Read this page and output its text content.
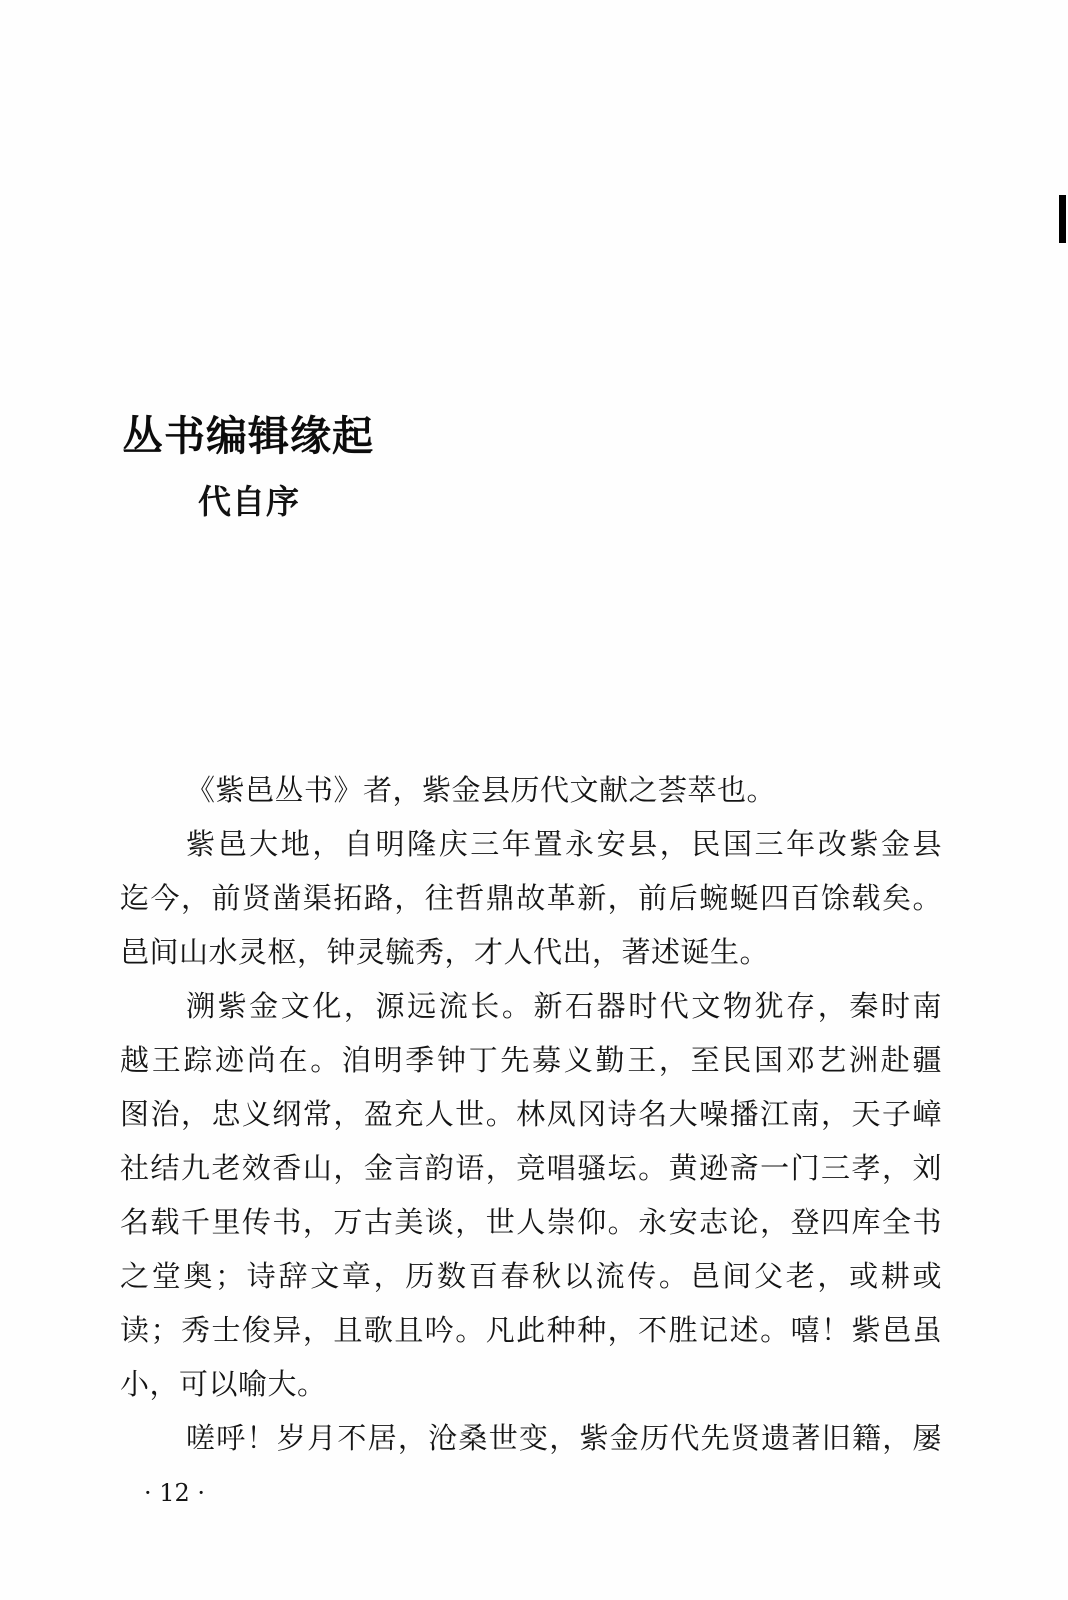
丛书编辑缘起
代自序
《紫邑丛书》者，紫金县历代文献之荟萃也。
紫邑大地，自明隆庆三年置永安县，民国三年改紫金县
迄今，前贤凿渠拓路，往哲鼎故革新，前后蜿蜒四百馀载矣。
邑间山水灵枢，钟灵毓秀，才人代出，著述诞生。
溯紫金文化，源远流长。新石器时代文物犹存，秦时南
越王踪迹尚在。洎明季钟丁先募义勤王，至民国邓艺洲赴疆
图治，忠义纲常，盈充人世。林凤冈诗名大噪播江南，天子嶂
社结九老效香山，金言韵语，竞唱骚坛。黄逊斋一门三孝，刘
名载千里传书，万古美谈，世人崇仰。永安志论，登四库全书
之堂奥；诗辞文章，历数百春秋以流传。邑间父老，或耕或
读；秀士俊异，且歌且吟。凡此种种，不胜记述。嘻！紫邑虽
小，可以喻大。
嗟呼！岁月不居，沧桑世变，紫金历代先贤遗著旧籍，屡
· 12 ·
